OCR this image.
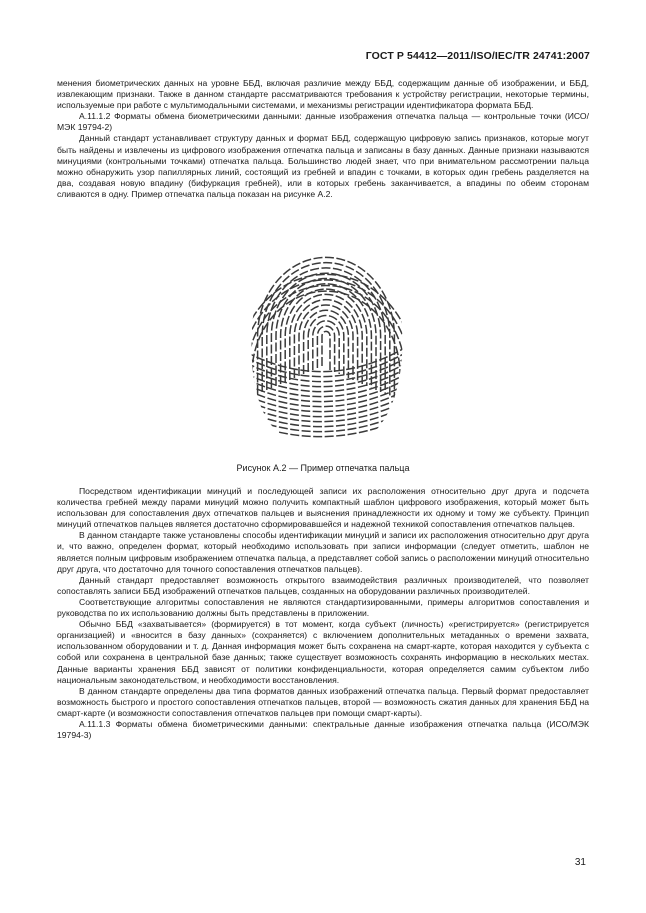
ГОСТ Р 54412—2011/ISO/IEC/TR 24741:2007

менения биометрических данных на уровне ББД, включая различие между ББД, содержащим данные об изображении, и ББД, извлекающим признаки. Также в данном стандарте рассматриваются требования к устройству регистрации, некоторые термины, используемые при работе с мультимодальными системами, и механизмы регистрации идентификатора формата ББД.

А.11.1.2 Форматы обмена биометрическими данными: данные изображения отпечатка пальца — контрольные точки (ИСО/МЭК 19794-2)

Данный стандарт устанавливает структуру данных и формат ББД, содержащую цифровую запись признаков, которые могут быть найдены и извлечены из цифрового изображения отпечатка пальца и записаны в базу данных. Данные признаки называются минуциями (контрольными точками) отпечатка пальца. Большинство людей знает, что при внимательном рассмотрении пальца можно обнаружить узор папиллярных линий, состоящий из гребней и впадин с точками, в которых один гребень разделяется на два, создавая новую впадину (бифуркация гребней), или в которых гребень заканчивается, а впадины по обеим сторонам сливаются в одну. Пример отпечатка пальца показан на рисунке А.2.

Рисунок А.2 — Пример отпечатка пальца

Посредством идентификации минуций и последующей записи их расположения относительно друг друга и подсчета количества гребней между парами минуций можно получить компактный шаблон цифрового изображения, который может быть использован для сопоставления двух отпечатков пальцев и выяснения принадлежности их одному и тому же субъекту. Принцип минуций отпечатков пальцев является достаточно сформировавшейся и надежной техникой сопоставления отпечатков пальцев.

В данном стандарте также установлены способы идентификации минуций и записи их расположения относительно друг друга и, что важно, определен формат, который необходимо использовать при записи информации (следует отметить, шаблон не является полным цифровым изображением отпечатка пальца, а представляет собой запись о расположении минуций относительно друг друга, что достаточно для точного сопоставления отпечатков пальцев).

Данный стандарт предоставляет возможность открытого взаимодействия различных производителей, что позволяет сопоставлять записи ББД изображений отпечатков пальцев, созданных на оборудовании различных производителей.

Соответствующие алгоритмы сопоставления не являются стандартизированными, примеры алгоритмов сопоставления и руководства по их использованию должны быть представлены в приложении.

Обычно ББД «захватывается» (формируется) в тот момент, когда субъект (личность) «регистрируется» (регистрируется организацией) и «вносится в базу данных» (сохраняется) с включением дополнительных метаданных о времени захвата, использованном оборудовании и т. д. Данная информация может быть сохранена на смарт-карте, которая находится у субъекта с собой или сохранена в центральной базе данных; также существует возможность сохранять информацию в нескольких местах. Данные варианты хранения ББД зависят от политики конфиденциальности, которая определяется самим субъектом либо национальным законодательством, и необходимости восстановления.

В данном стандарте определены два типа форматов данных изображений отпечатка пальца. Первый формат предоставляет возможность быстрого и простого сопоставления отпечатков пальцев, второй — возможность сжатия данных для хранения ББД на смарт-карте (и возможности сопоставления отпечатков пальцев при помощи смарт-карты).

А.11.1.3 Форматы обмена биометрическими данными: спектральные данные изображения отпечатка пальца (ИСО/МЭК 19794-3)

31
